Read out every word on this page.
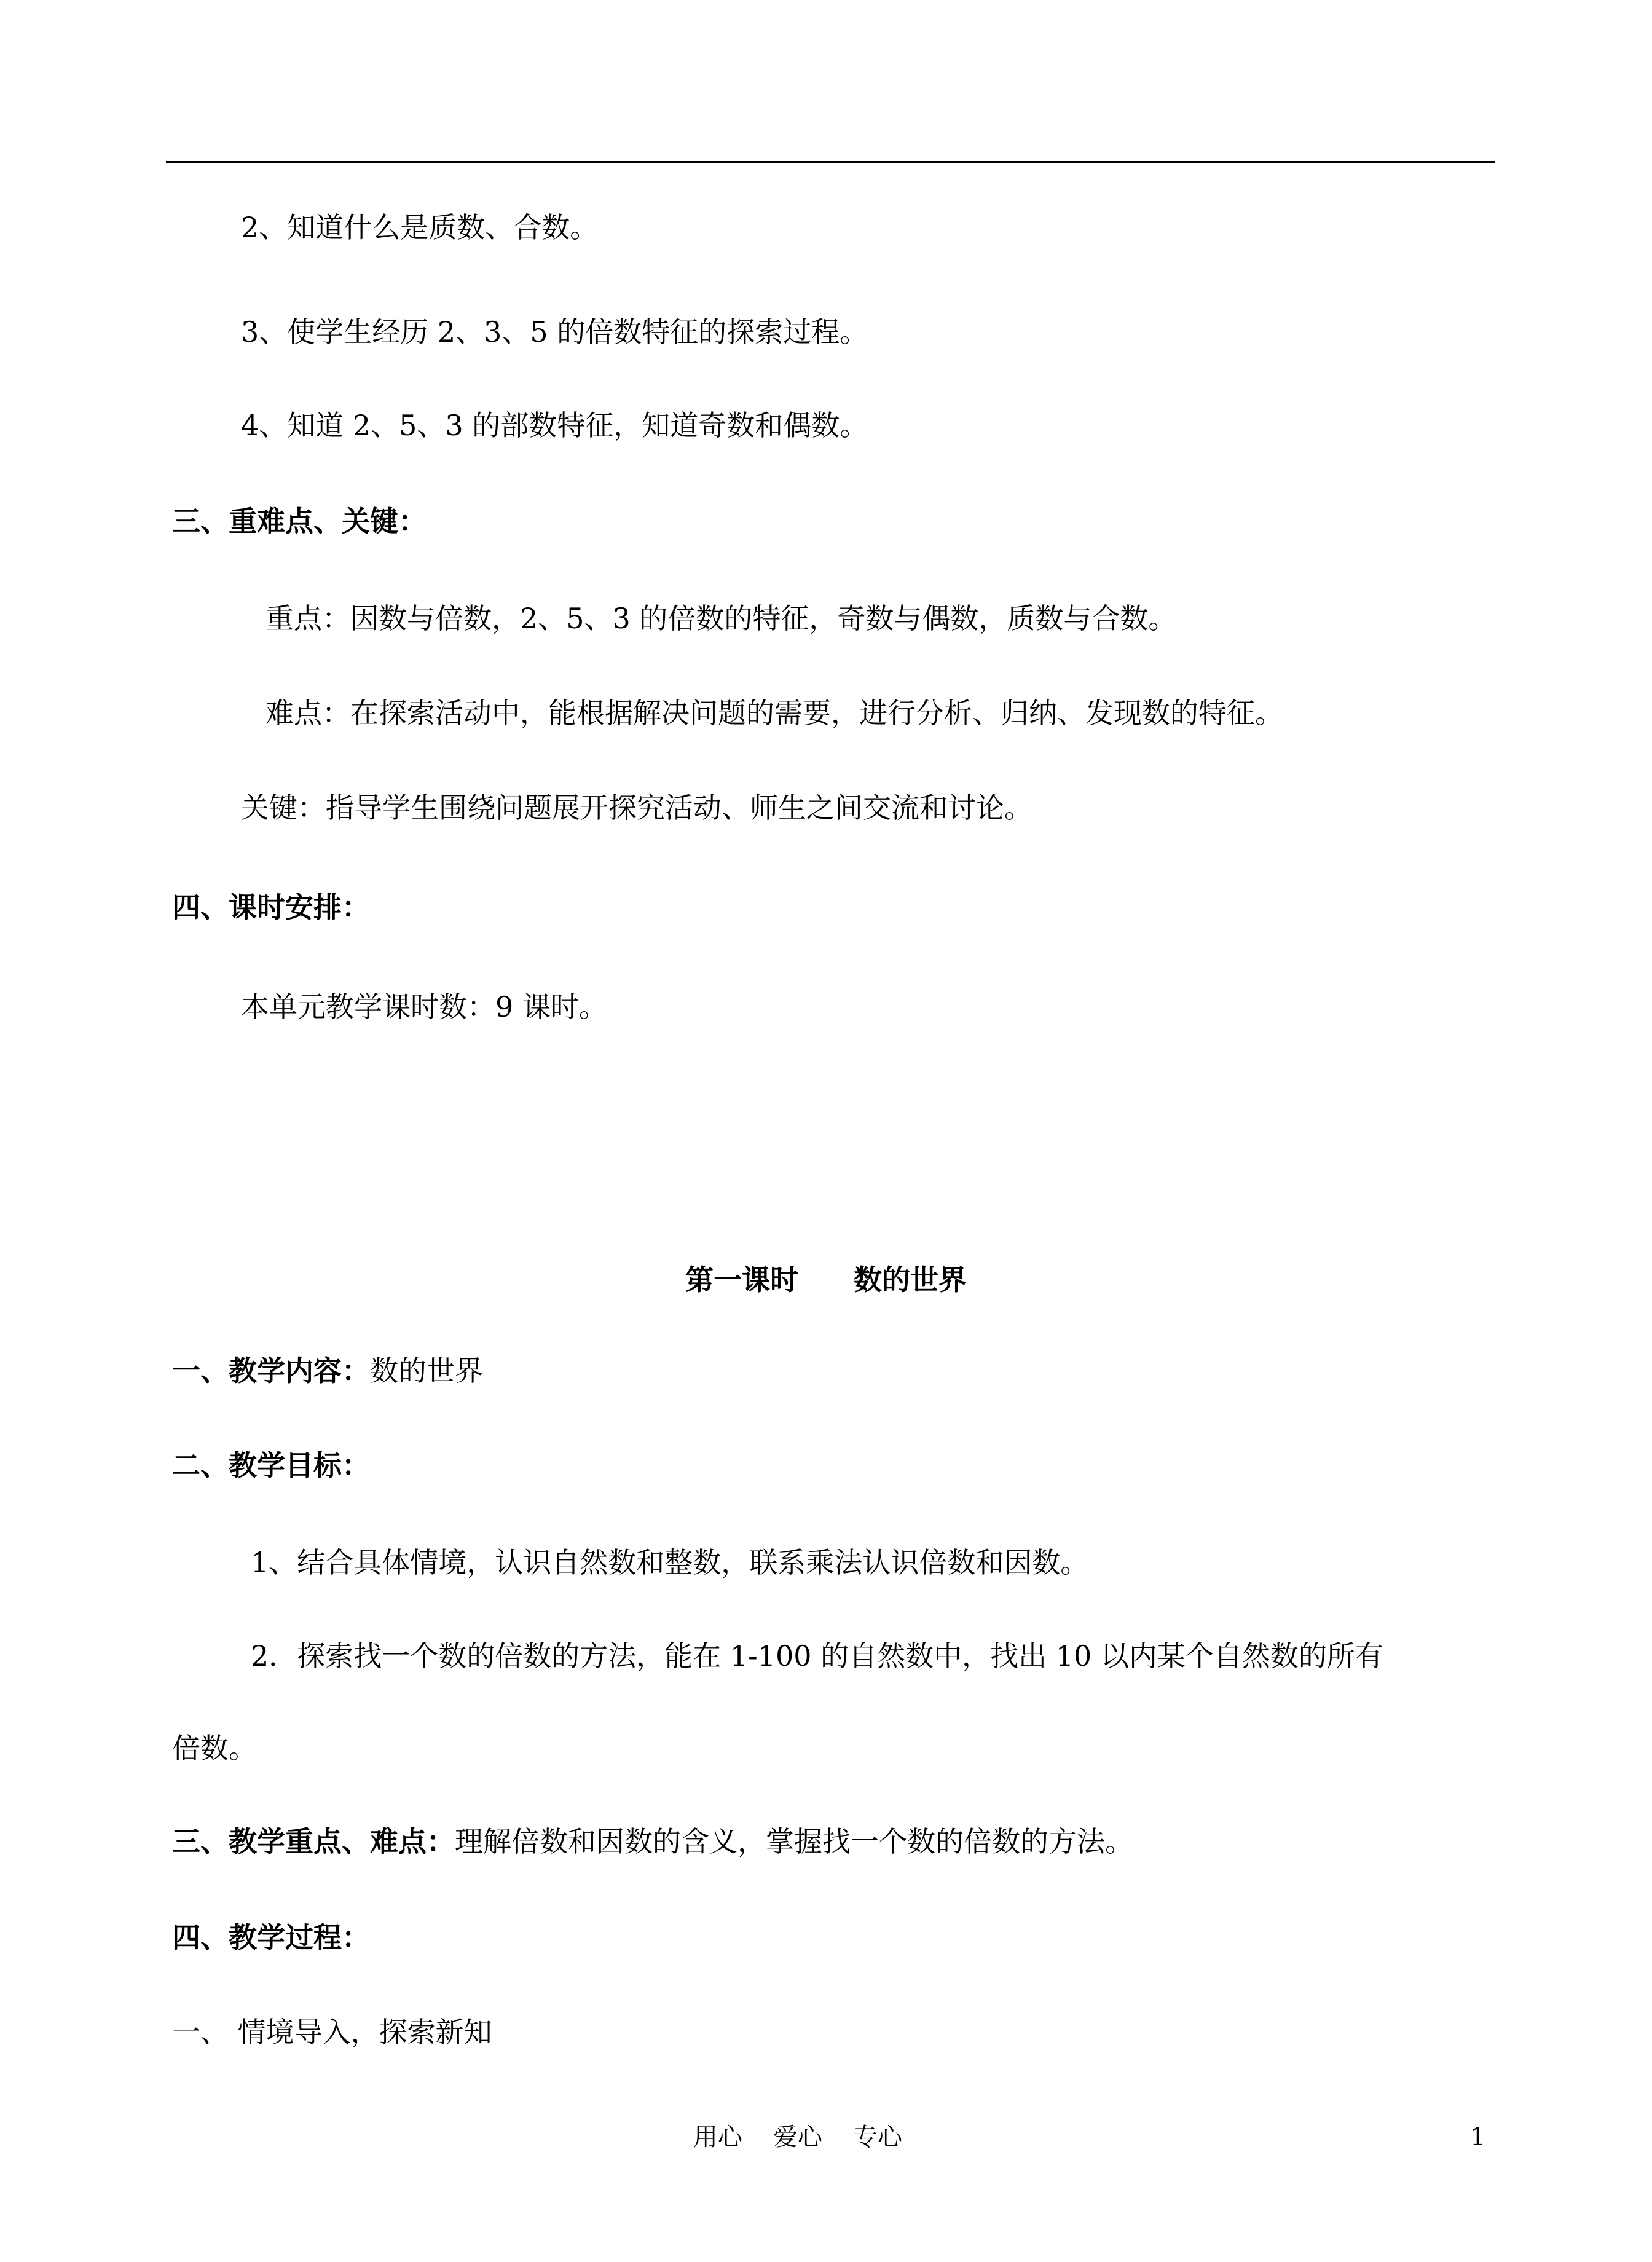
2、知道什么是质数、合数。
3、使学生经历 2、3、5 的倍数特征的探索过程。
4、知道 2、5、3 的部数特征，知道奇数和偶数。
三、重难点、关键：
重点：因数与倍数，2、5、3 的倍数的特征，奇数与偶数，质数与合数。
难点：在探索活动中，能根据解决问题的需要，进行分析、归纳、发现数的特征。
关键：指导学生围绕问题展开探究活动、师生之间交流和讨论。
四、课时安排：
本单元教学课时数：9 课时。
第一课时 数的世界
一、教学内容：数的世界
二、教学目标：
1、结合具体情境，认识自然数和整数，联系乘法认识倍数和因数。
2．探索找一个数的倍数的方法，能在 1-100 的自然数中，找出 10 以内某个自然数的所有
倍数。
三、教学重点、难点：理解倍数和因数的含义，掌握找一个数的倍数的方法。
四、教学过程：
一、 情境导入，探索新知
用心 爱心 专心	1
